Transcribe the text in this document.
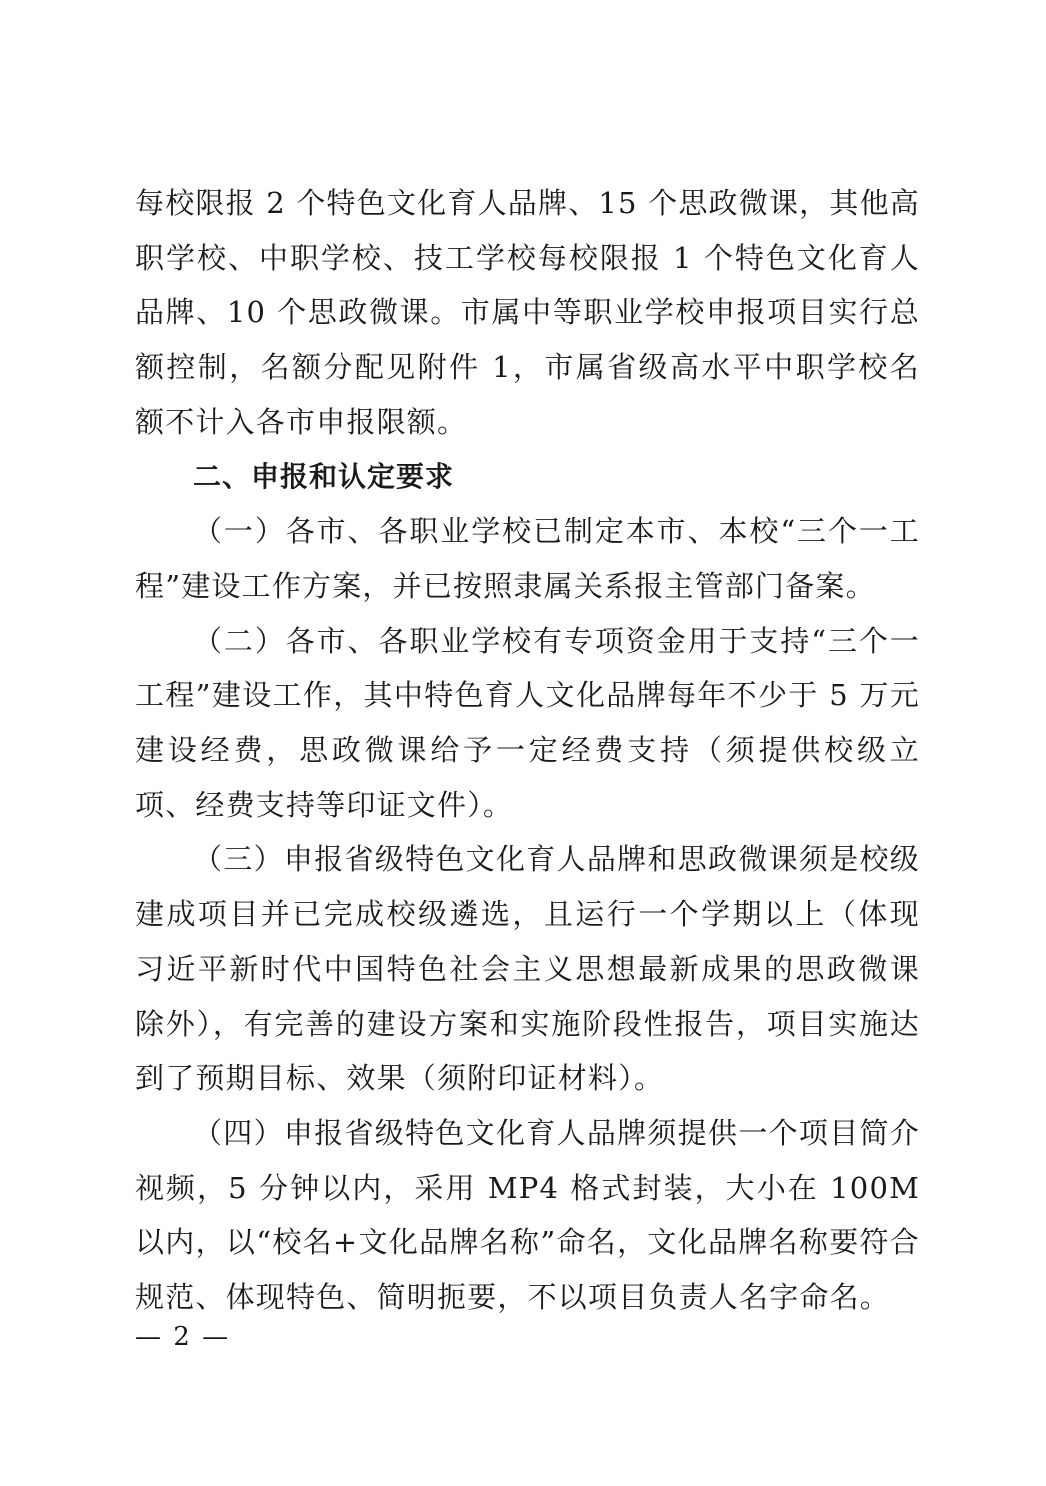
每校限报 2 个特色文化育人品牌、15 个思政微课，其他高职学校、中职学校、技工学校每校限报 1 个特色文化育人品牌、10 个思政微课。市属中等职业学校申报项目实行总额控制，名额分配见附件 1，市属省级高水平中职学校名额不计入各市申报限额。

二、申报和认定要求

（一）各市、各职业学校已制定本市、本校“三个一工程”建设工作方案，并已按照隶属关系报主管部门备案。

（二）各市、各职业学校有专项资金用于支持“三个一工程”建设工作，其中特色育人文化品牌每年不少于 5 万元建设经费，思政微课给予一定经费支持（须提供校级立项、经费支持等印证文件）。

（三）申报省级特色文化育人品牌和思政微课须是校级建成项目并已完成校级遴选，且运行一个学期以上（体现习近平新时代中国特色社会主义思想最新成果的思政微课除外），有完善的建设方案和实施阶段性报告，项目实施达到了预期目标、效果（须附印证材料）。

（四）申报省级特色文化育人品牌须提供一个项目简介视频，5 分钟以内，采用 MP4 格式封装，大小在 100M 以内，以“校名+文化品牌名称”命名，文化品牌名称要符合规范、体现特色、简明扼要，不以项目负责人名字命名。

— 2 —
